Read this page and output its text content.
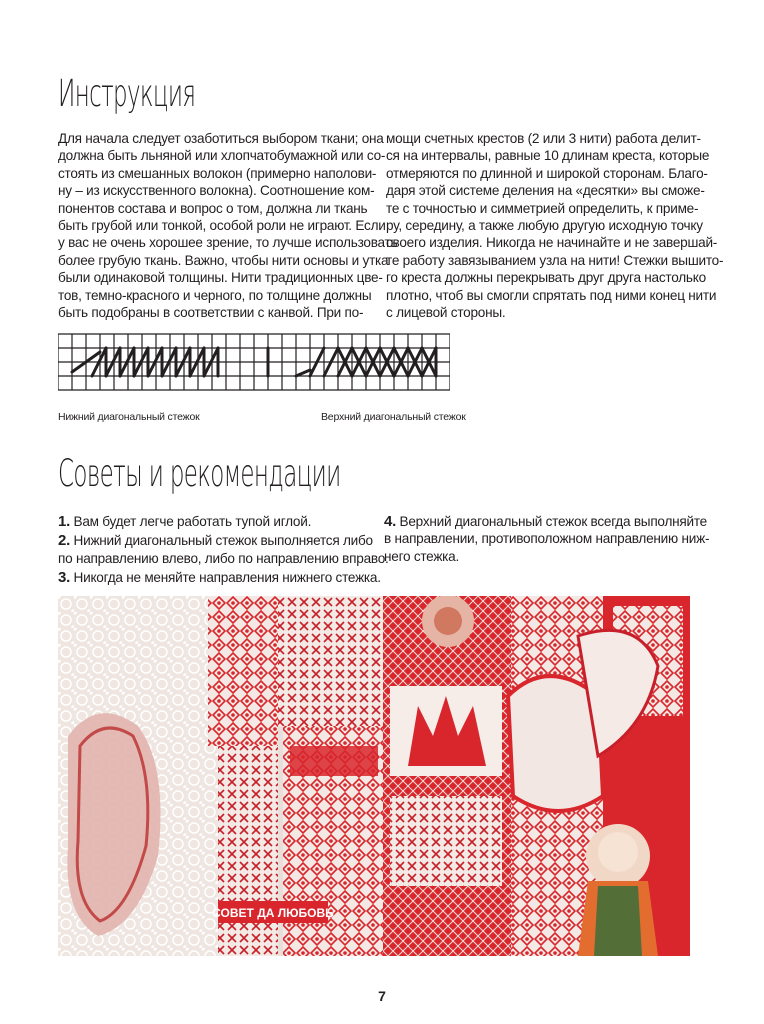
Инструкция

Для начала следует озаботиться выбором ткани; она

должна быть льняной или хлопчатобумажной или со-

стоять из смешанных волокон (примерно наполови-

ну – из искусственного волокна). Соотношение ком-

понентов состава и вопрос о том, должна ли ткань

быть грубой или тонкой, особой роли не играют. Если

у вас не очень хорошее зрение, то лучше использовать

более грубую ткань. Важно, чтобы нити основы и утка

были одинаковой толщины. Нити традиционных цве-

тов, темно-красного и черного, по толщине должны

быть подобраны в соответствии с канвой. При по-

мощи счетных крестов (2 или 3 нити) работа делит-

ся на интервалы, равные 10 длинам креста, которые

отмеряются по длинной и широкой сторонам. Благо-

даря этой системе деления на «десятки» вы сможе-

те с точностью и симметрией определить, к приме-

ру, середину, а также любую другую исходную точку

своего изделия. Никогда не начинайте и не завершай-

те работу завязыванием узла на нити! Стежки вышито-

го креста должны перекрывать друг друга настолько

плотно, чтоб вы смогли спрятать под ними конец нити

с лицевой стороны.

Нижний диагональный стежок	Верхний диагональный стежок
Советы и рекомендации
1. Вам будет легче работать тупой иглой.
2. Нижний диагональный стежок выполняется либо
по направлению влево, либо по направлению вправо.
3. Никогда не меняйте направления нижнего стежка.
4. Верхний диагональный стежок всегда выполняйте
в направлении, противоположном направлению ниж-
него стежка.
СОВЕТ ДА ЛЮБОВЬ
7
